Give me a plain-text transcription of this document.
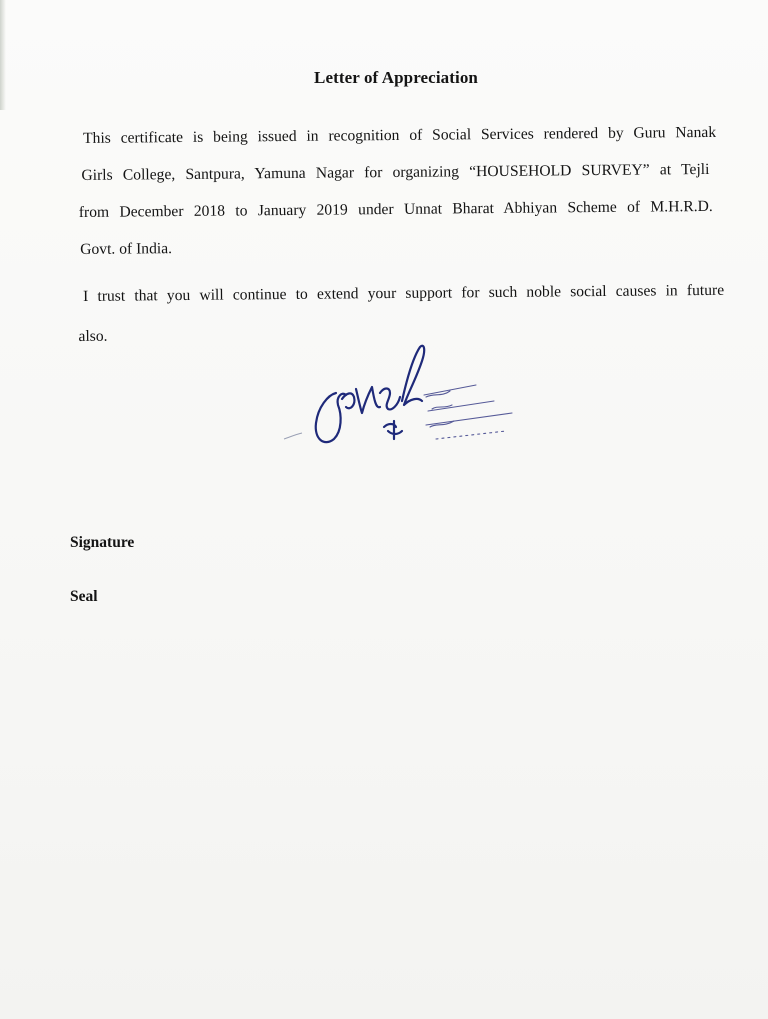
Letter of Appreciation
This certificate is being issued in recognition of Social Services rendered by Guru Nanak
Girls College, Santpura, Yamuna Nagar for organizing “HOUSEHOLD SURVEY” at Tejli
from December 2018 to January 2019 under Unnat Bharat Abhiyan Scheme of M.H.R.D.
Govt. of India.
I trust that you will continue to extend your support for such noble social causes in future
also.
Signature
Seal
